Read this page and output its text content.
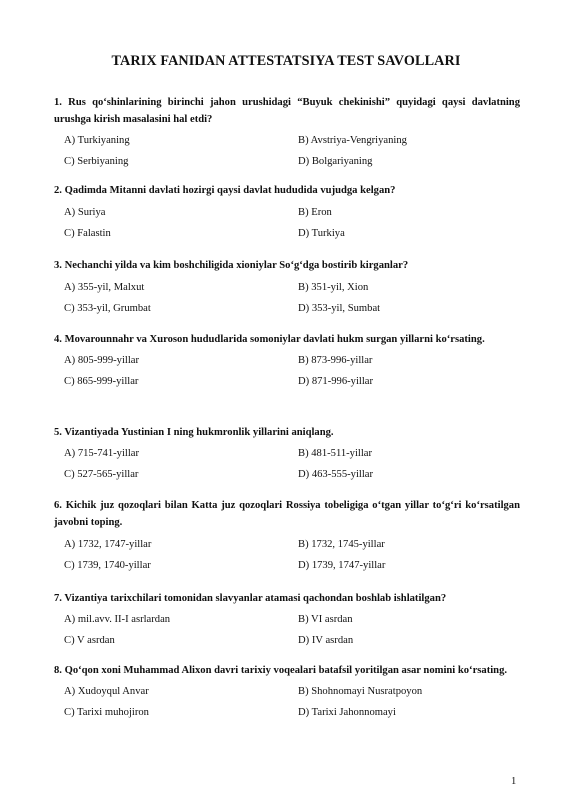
TARIX FANIDAN ATTESTATSIYA TEST SAVOLLARI

1. Rus qo‘shinlarining birinchi jahon urushidagi “Buyuk chekinishi” quyidagi qaysi davlatning urushga kirish masalasini hal etdi?

A) Turkiyaning	B) Avstriya-Vengriyaning
C) Serbiyaning	D) Bolgariyaning

2. Qadimda Mitanni davlati hozirgi qaysi davlat hududida vujudga kelgan?

A) Suriya	B) Eron
C) Falastin	D) Turkiya

3. Nechanchi yilda va kim boshchiligida xioniylar So‘g‘dga bostirib kirganlar?

A) 355-yil, Malxut	B) 351-yil, Xion
C) 353-yil, Grumbat	D) 353-yil, Sumbat

4. Movarounnahr va Xuroson hududlarida somoniylar davlati hukm surgan yillarni ko‘rsating.

A) 805-999-yillar	B) 873-996-yillar
C) 865-999-yillar	D) 871-996-yillar

5. Vizantiyada Yustinian I ning hukmronlik yillarini aniqlang.

A) 715-741-yillar	B) 481-511-yillar
C) 527-565-yillar	D) 463-555-yillar

6. Kichik juz qozoqlari bilan Katta juz qozoqlari Rossiya tobeligiga o‘tgan yillar to‘g‘ri ko‘rsatilgan javobni toping.

A) 1732, 1747-yillar	B) 1732, 1745-yillar
C) 1739, 1740-yillar	D) 1739, 1747-yillar

7. Vizantiya tarixchilari tomonidan slavyanlar atamasi qachondan boshlab ishlatilgan?

A) mil.avv. II-I asrlardan	B) VI asrdan
C) V asrdan	D) IV asrdan

8. Qo‘qon xoni Muhammad Alixon davri tarixiy voqealari batafsil yoritilgan asar nomini ko‘rsating.

A) Xudoyqul Anvar	B) Shohnomayi Nusratpoyon
C) Tarixi muhojiron	D) Tarixi Jahonnomayi
1
